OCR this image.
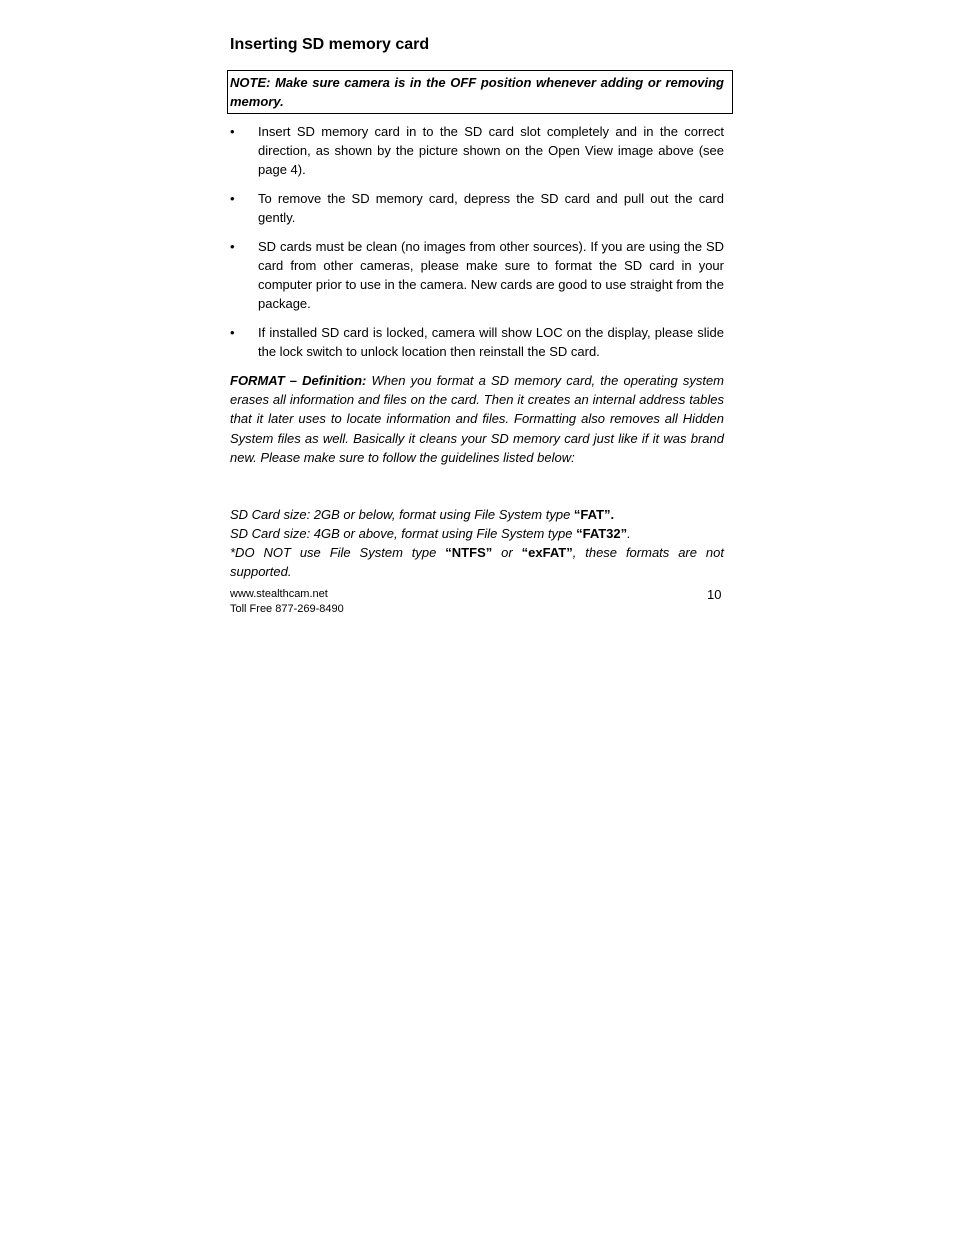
Inserting SD memory card
NOTE: Make sure camera is in the OFF position whenever adding or removing memory.
• Insert SD memory card in to the SD card slot completely and in the correct direction, as shown by the picture shown on the Open View image above (see page 4).
• To remove the SD memory card, depress the SD card and pull out the card gently.
• SD cards must be clean (no images from other sources). If you are using the SD card from other cameras, please make sure to format the SD card in your computer prior to use in the camera. New cards are good to use straight from the package.
• If installed SD card is locked, camera will show LOC on the display, please slide the lock switch to unlock location then reinstall the SD card.

FORMAT – Definition: When you format a SD memory card, the operating system erases all information and files on the card. Then it creates an internal address tables that it later uses to locate information and files. Formatting also removes all Hidden System files as well. Basically it cleans your SD memory card just like if it was brand new. Please make sure to follow the guidelines listed below:

SD Card size: 2GB or below, format using File System type “FAT”.

SD Card size: 4GB or above, format using File System type “FAT32”.

*DO NOT use File System type “NTFS” or “exFAT”, these formats are not supported.

www.stealthcam.net
Toll Free 877-269-8490
10
